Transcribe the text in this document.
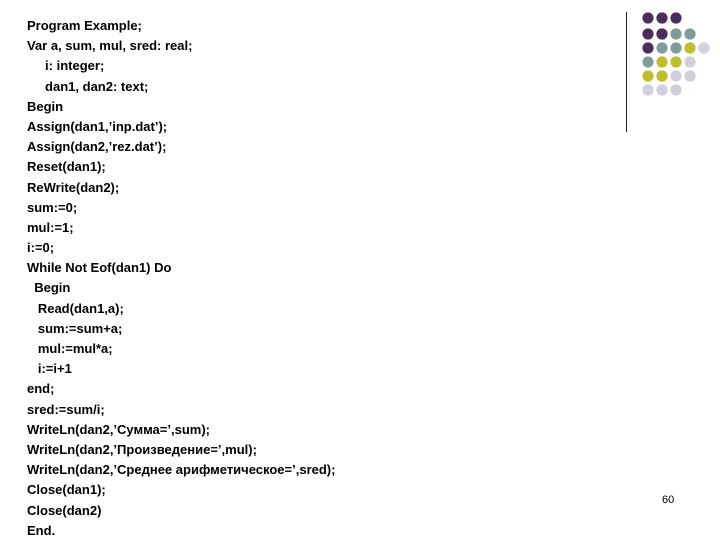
Program Example;
Var a, sum, mul, sred: real;
i: integer;
dan1, dan2: text;
Begin
Assign(dan1,’inp.dat’);
Assign(dan2,’rez.dat’);
Reset(dan1);
ReWrite(dan2);
sum:=0;
mul:=1;
i:=0;
While Not Eof(dan1) Do
Begin
Read(dan1,a);
sum:=sum+a;
mul:=mul*a;
i:=i+1
end;
sred:=sum/i;
WriteLn(dan2,’Сумма=’,sum);
WriteLn(dan2,’Произведение=’,mul);
WriteLn(dan2,’Среднее арифметическое=’,sred);
Close(dan1);
Close(dan2)
End.
60
